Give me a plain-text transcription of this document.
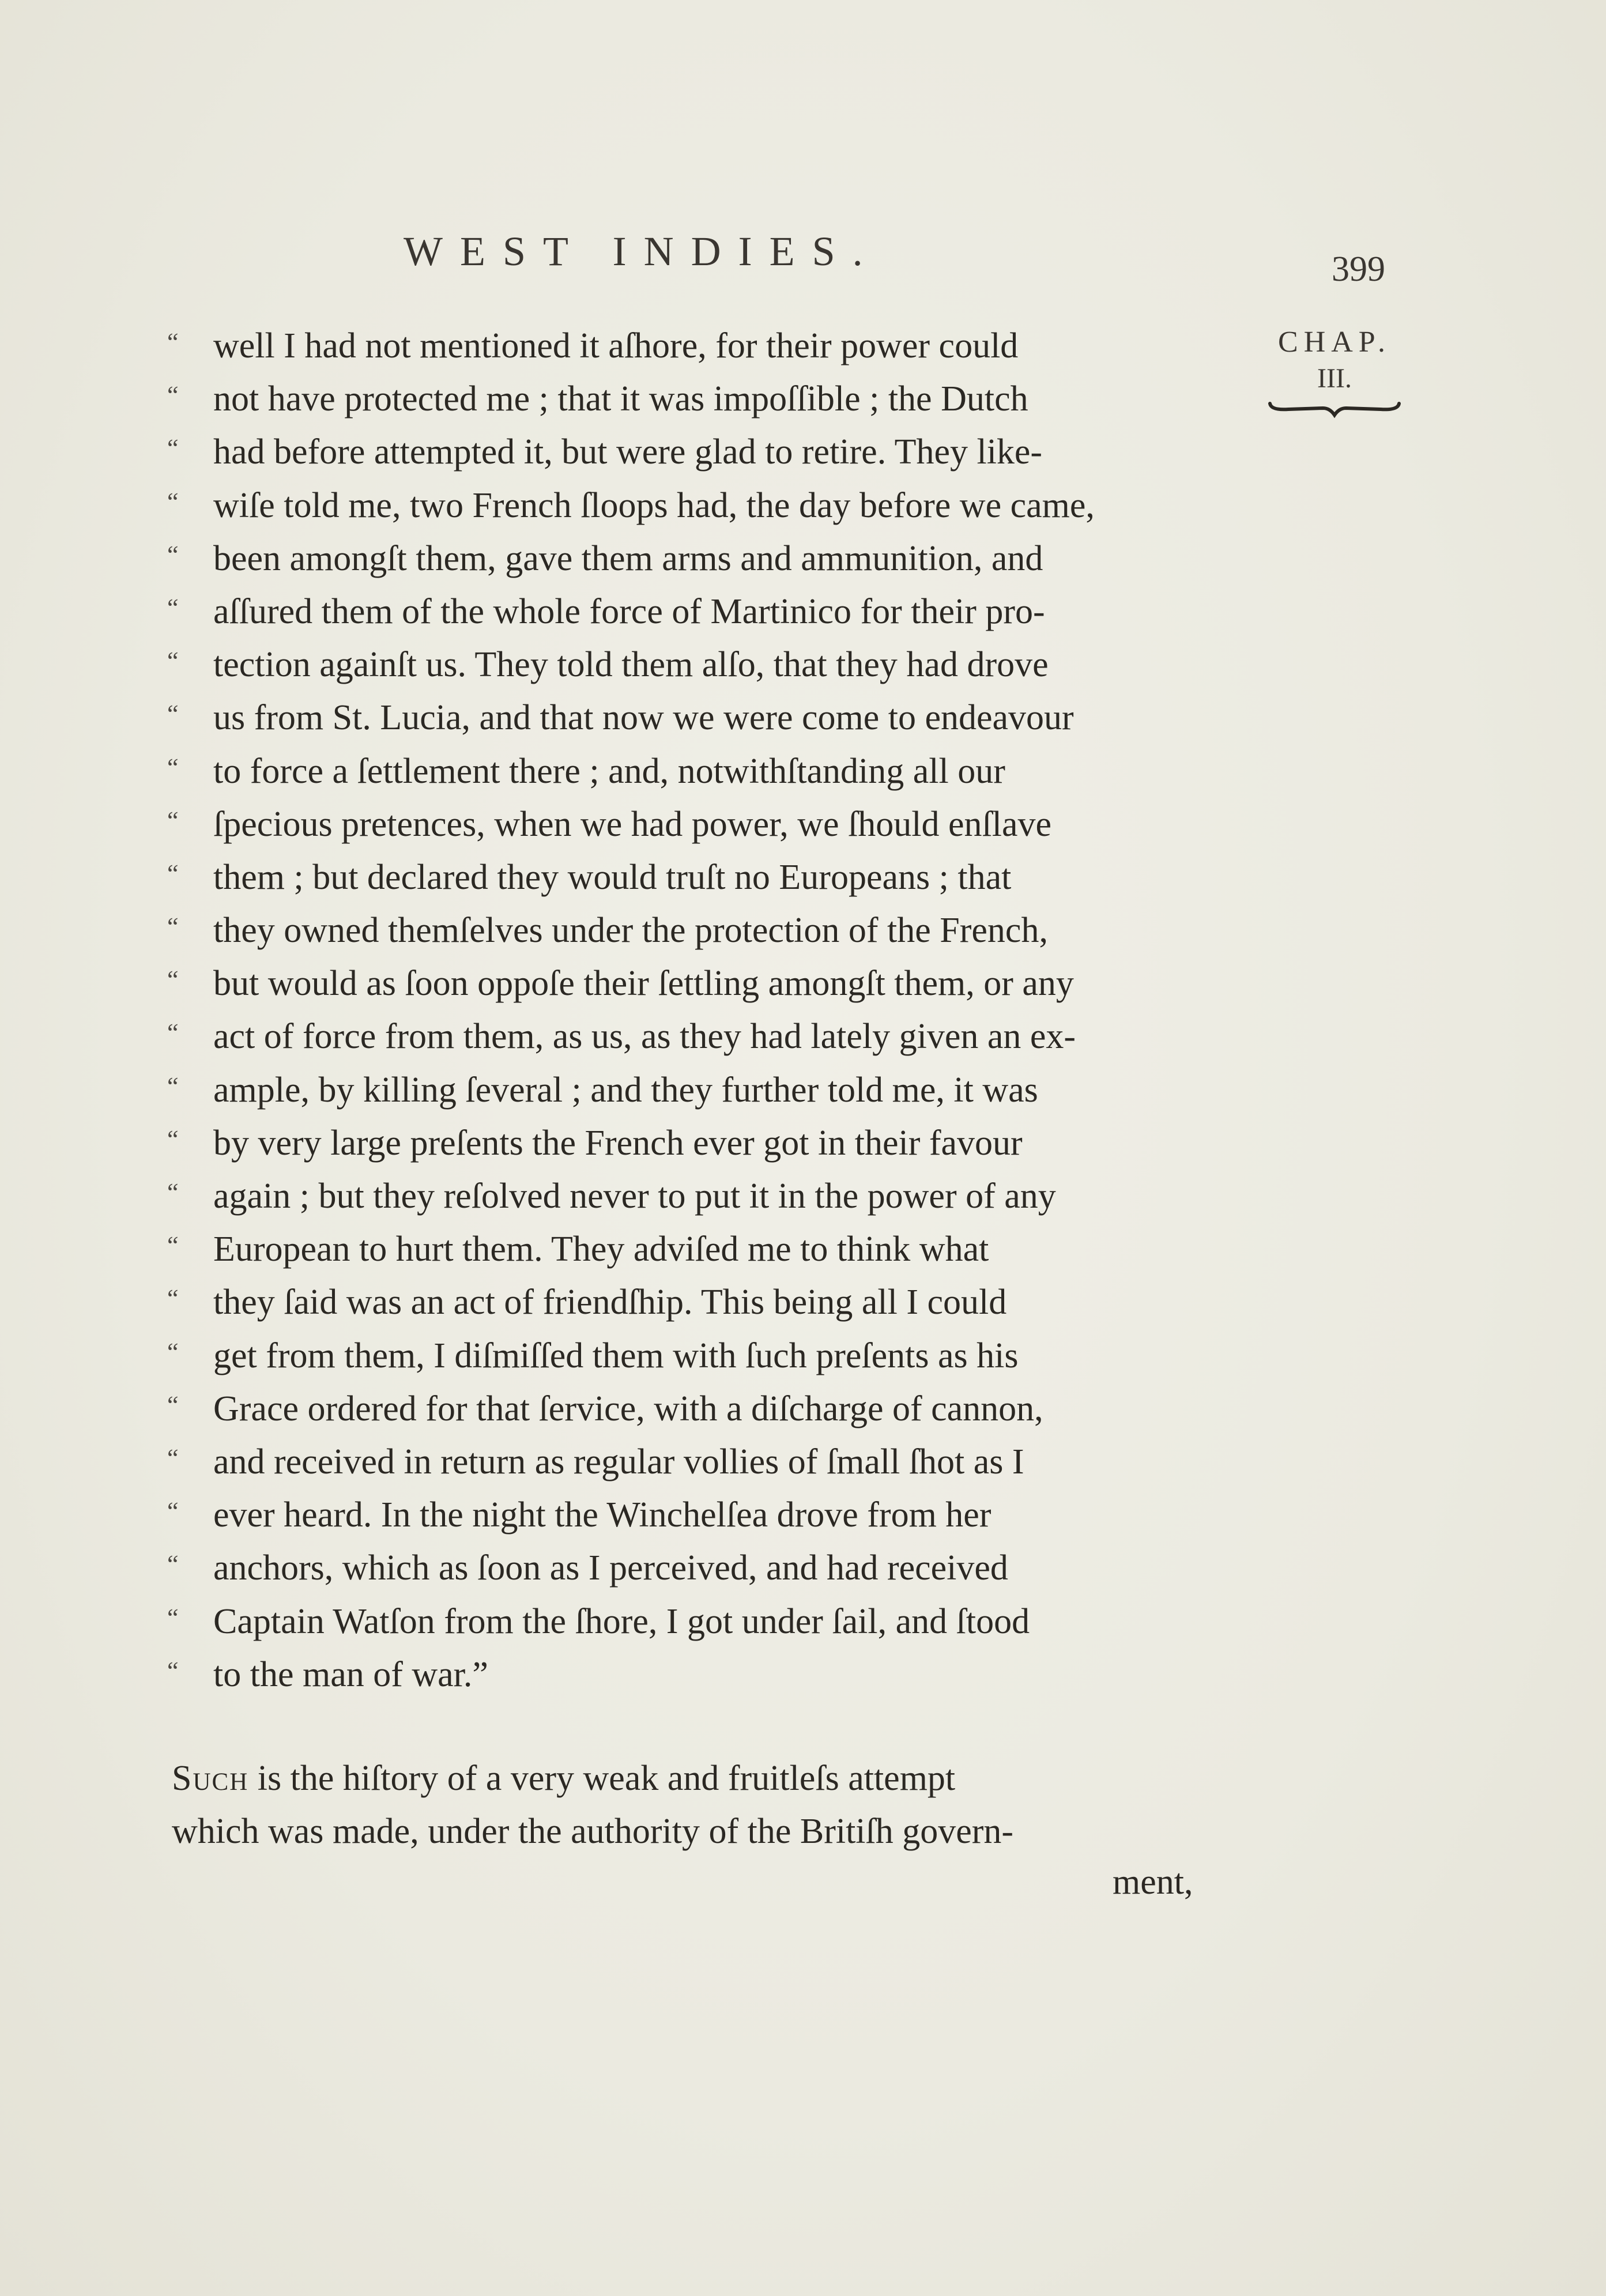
WEST INDIES.	399
CHAP.
III.
“ well I had not mentioned it aſhore, for their power could
“ not have protected me ; that it was impoſſible ; the Dutch
“ had before attempted it, but were glad to retire. They like-
“ wiſe told me, two French ſloops had, the day before we came,
“ been amongſt them, gave them arms and ammunition, and
“ aſſured them of the whole force of Martinico for their pro-
“ tection againſt us. They told them alſo, that they had drove
“ us from St. Lucia, and that now we were come to endeavour
“ to force a ſettlement there ; and, notwithſtanding all our
“ ſpecious pretences, when we had power, we ſhould enſlave
“ them ; but declared they would truſt no Europeans ; that
“ they owned themſelves under the protection of the French,
“ but would as ſoon oppoſe their ſettling amongſt them, or any
“ act of force from them, as us, as they had lately given an ex-
“ ample, by killing ſeveral ; and they further told me, it was
“ by very large preſents the French ever got in their favour
“ again ; but they reſolved never to put it in the power of any
“ European to hurt them. They adviſed me to think what
“ they ſaid was an act of friendſhip. This being all I could
“ get from them, I diſmiſſed them with ſuch preſents as his
“ Grace ordered for that ſervice, with a diſcharge of cannon,
“ and received in return as regular vollies of ſmall ſhot as I
“ ever heard. In the night the Winchelſea drove from her
“ anchors, which as ſoon as I perceived, and had received
“ Captain Watſon from the ſhore, I got under ſail, and ſtood
“ to the man of war.”
Such is the hiſtory of a very weak and fruitleſs attempt
which was made, under the authority of the Britiſh govern-
ment,
